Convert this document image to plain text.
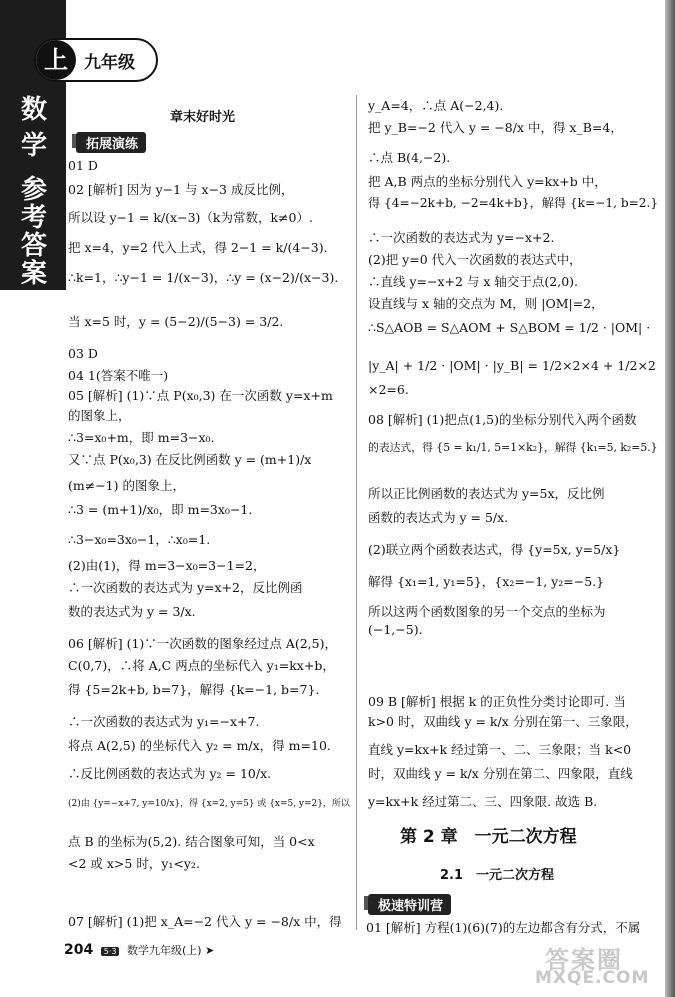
数
学
参
考
答
案
上 九年级
章末好时光
拓展演练
01 D
02 [解析] 因为 y−1 与 x−3 成反比例，
所以设 y−1 = k/(x−3)（k为常数，k≠0）.
把 x=4，y=2 代入上式，得 2−1 = k/(4−3).
∴k=1，∴y−1 = 1/(x−3)，∴y = (x−2)/(x−3).
当 x=5 时，y = (5−2)/(5−3) = 3/2.
03 D
04 1(答案不唯一)
05 [解析] (1)∵点 P(x₀,3) 在一次函数 y=x+m
的图象上，
∴3=x₀+m，即 m=3−x₀.
又∵点 P(x₀,3) 在反比例函数 y = (m+1)/x
(m≠−1) 的图象上，
∴3 = (m+1)/x₀，即 m=3x₀−1.
∴3−x₀=3x₀−1，∴x₀=1.
(2)由(1)，得 m=3−x₀=3−1=2，
∴一次函数的表达式为 y=x+2，反比例函
数的表达式为 y = 3/x.
06 [解析] (1)∵一次函数的图象经过点 A(2,5)，
C(0,7)，∴将 A,C 两点的坐标代入 y₁=kx+b，
得 {5=2k+b, b=7}，解得 {k=−1, b=7}.
∴一次函数的表达式为 y₁=−x+7.
将点 A(2,5) 的坐标代入 y₂ = m/x，得 m=10.
∴反比例函数的表达式为 y₂ = 10/x.
(2)由 {y=−x+7, y=10/x}，得 {x=2, y=5} 或 {x=5, y=2}，所以
点 B 的坐标为(5,2). 结合图象可知，当 0<x
<2 或 x>5 时，y₁<y₂.
07 [解析] (1)把 x_A=−2 代入 y = −8/x 中，得
y_A=4，∴点 A(−2,4).
把 y_B=−2 代入 y = −8/x 中，得 x_B=4，
∴点 B(4,−2).
把 A,B 两点的坐标分别代入 y=kx+b 中，
得 {4=−2k+b, −2=4k+b}，解得 {k=−1, b=2.}
∴一次函数的表达式为 y=−x+2.
(2)把 y=0 代入一次函数的表达式中，
∴直线 y=−x+2 与 x 轴交于点(2,0).
设直线与 x 轴的交点为 M，则 |OM|=2，
∴S△AOB = S△AOM + S△BOM = 1/2 · |OM| ·
|y_A| + 1/2 · |OM| · |y_B| = 1/2×2×4 + 1/2×2
×2=6.
08 [解析] (1)把点(1,5)的坐标分别代入两个函数
的表达式，得 {5 = k₁/1, 5=1×k₂}，解得 {k₁=5, k₂=5.}
所以正比例函数的表达式为 y=5x，反比例
函数的表达式为 y = 5/x.
(2)联立两个函数表达式，得 {y=5x, y=5/x}
解得 {x₁=1, y₁=5}，{x₂=−1, y₂=−5.}
所以这两个函数图象的另一个交点的坐标为
(−1,−5).
09 B [解析] 根据 k 的正负性分类讨论即可. 当
k>0 时，双曲线 y = k/x 分别在第一、三象限，
直线 y=kx+k 经过第一、二、三象限；当 k<0
时，双曲线 y = k/x 分别在第二、四象限，直线
y=kx+k 经过第二、三、四象限. 故选 B.
第 2 章　一元二次方程
2.1　一元二次方程
极速特训营
01 [解析] 方程(1)(6)(7)的左边都含有分式，不属
204 5·3 数学九年级(上) ➤	答案圈
MXQE.COM
